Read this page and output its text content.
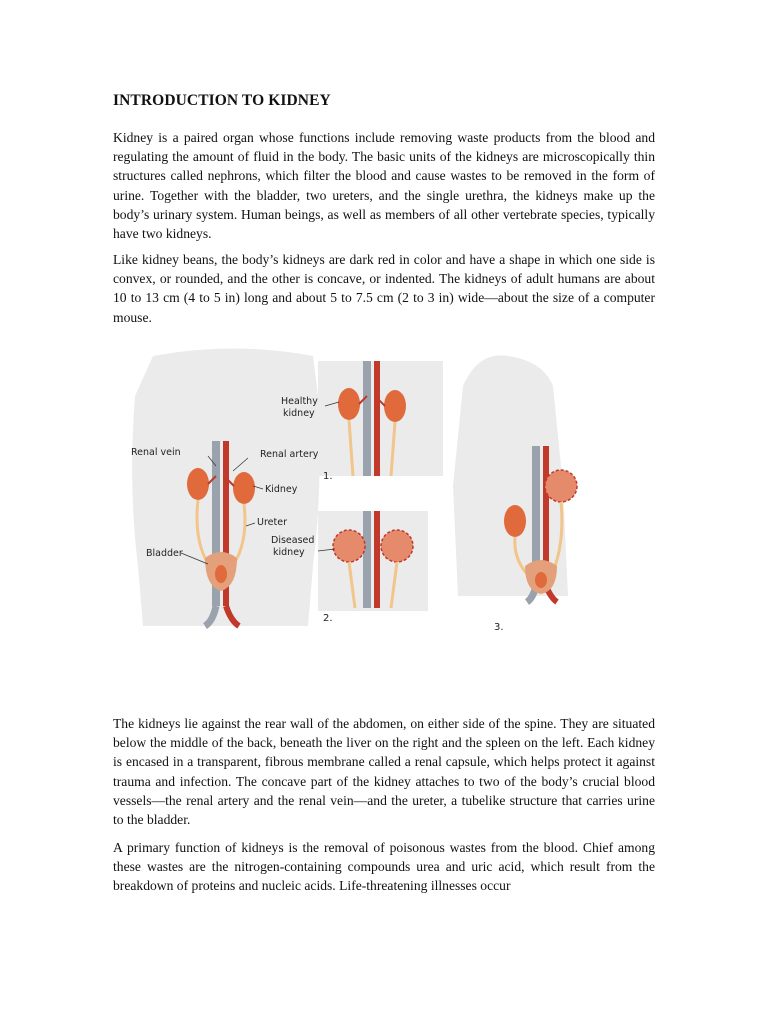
INTRODUCTION TO KIDNEY

Kidney is a paired organ whose functions include removing waste products from the blood and regulating the amount of fluid in the body. The basic units of the kidneys are microscopically thin structures called nephrons, which filter the blood and cause wastes to be removed in the form of urine. Together with the bladder, two ureters, and the single urethra, the kidneys make up the body’s urinary system. Human beings, as well as members of all other vertebrate species, typically have two kidneys.

Like kidney beans, the body’s kidneys are dark red in color and have a shape in which one side is convex, or rounded, and the other is concave, or indented. The kidneys of adult humans are about 10 to 13 cm (4 to 5 in) long and about 5 to 7.5 cm (2 to 3 in) wide—about the size of a computer mouse.

Healthy
kidney
Renal vein	Renal artery
Kidney
Ureter
Bladder
Diseased
kidney
1.
2.
3.

The kidneys lie against the rear wall of the abdomen, on either side of the spine. They are situated below the middle of the back, beneath the liver on the right and the spleen on the left. Each kidney is encased in a transparent, fibrous membrane called a renal capsule, which helps protect it against trauma and infection. The concave part of the kidney attaches to two of the body’s crucial blood vessels—the renal artery and the renal vein—and the ureter, a tubelike structure that carries urine to the bladder.

A primary function of kidneys is the removal of poisonous wastes from the blood. Chief among these wastes are the nitrogen-containing compounds urea and uric acid, which result from the breakdown of proteins and nucleic acids. Life-threatening illnesses occur
